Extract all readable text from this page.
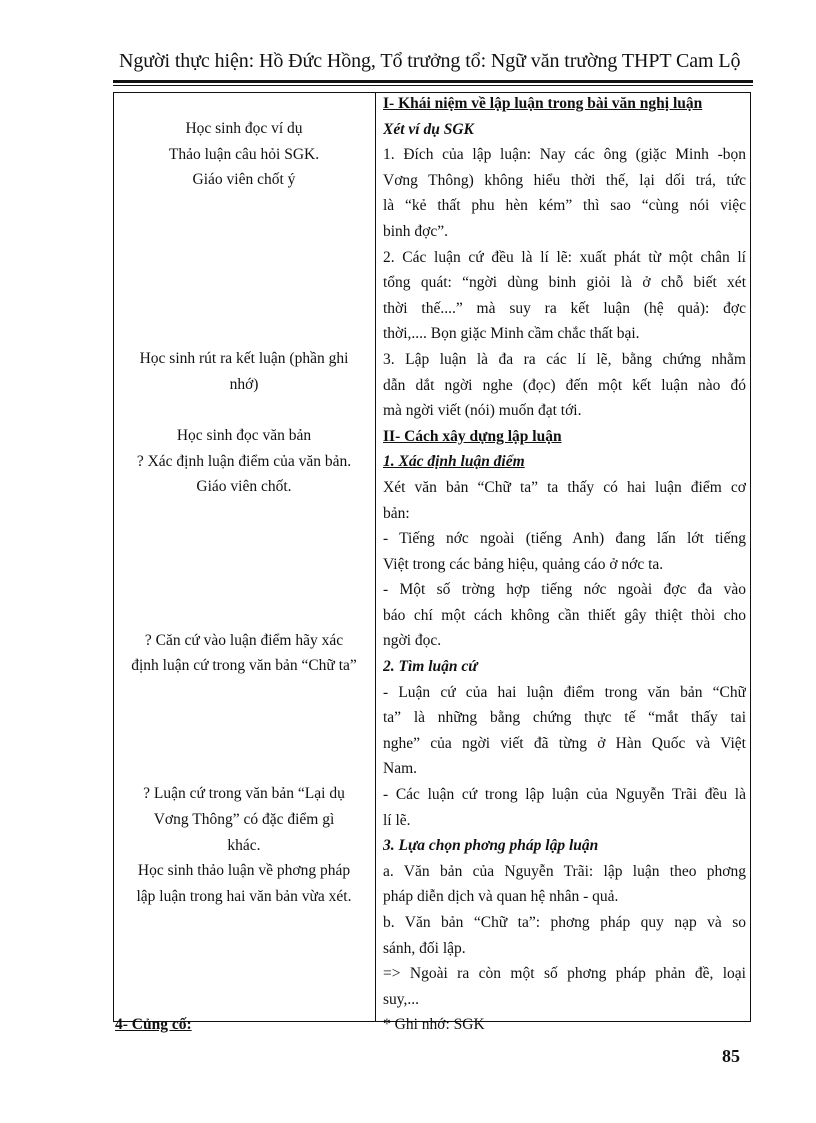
Người thực hiện: Hồ Đức Hồng, Tổ trưởng tổ: Ngữ văn trường THPT Cam Lộ
Học sinh đọc ví dụ
Thảo luận câu hỏi SGK.
Giáo viên chốt ý
Học sinh rút ra kết luận (phần ghi
nhớ)
Học sinh đọc văn bản
? Xác định luận điểm của văn bản.
Giáo viên chốt.
? Căn cứ vào luận điểm hãy xác
định luận cứ trong văn bản “Chữ ta”
? Luận cứ trong văn bản “Lại dụ
Vơng Thông” có đặc điểm gì
khác.
Học sinh thảo luận về phơng pháp
lập luận trong hai văn bản vừa xét.
4- Củng cố:
I- Khái niệm về lập luận trong bài văn nghị luận
Xét ví dụ SGK
1. Đích của lập luận: Nay các ông (giặc Minh -bọn
Vơng Thông) không hiểu thời thế, lại dối trá, tức
là “kẻ thất phu hèn kém” thì sao “cùng nói việc
binh đợc”.
2. Các luận cứ đều là lí lẽ: xuất phát từ một chân lí
tổng quát: “ngời dùng binh giỏi là ở chỗ biết xét
thời thế....” mà suy ra kết luận (hệ quả): đợc
thời,.... Bọn giặc Minh cầm chắc thất bại.
3. Lập luận là đa ra các lí lẽ, bằng chứng nhằm
dẫn dắt ngời nghe (đọc) đến một kết luận nào đó
mà ngời viết (nói) muốn đạt tới.
II- Cách xây dựng lập luận
1. Xác định luận điểm
Xét văn bản “Chữ ta” ta thấy có hai luận điểm cơ
bản:
- Tiếng nớc ngoài (tiếng Anh) đang lấn lớt tiếng
Việt trong các bảng hiệu, quảng cáo ở nớc ta.
- Một số trờng hợp tiếng nớc ngoài đợc đa vào
báo chí một cách không cần thiết gây thiệt thòi cho
ngời đọc.
2. Tìm luận cứ
- Luận cứ của hai luận điểm trong văn bản “Chữ
ta” là những bằng chứng thực tế “mắt thấy tai
nghe” của ngời viết đã từng ở Hàn Quốc và Việt
Nam.
- Các luận cứ trong lập luận của Nguyễn Trãi đều là
lí lẽ.
3. Lựa chọn phơng pháp lập luận
a. Văn bản của Nguyễn Trãi: lập luận theo phơng
pháp diễn dịch và quan hệ nhân - quả.
b. Văn bản “Chữ ta”: phơng pháp quy nạp và so
sánh, đối lập.
=> Ngoài ra còn một số phơng pháp phản đề, loại
suy,...
* Ghi nhớ: SGK
85
